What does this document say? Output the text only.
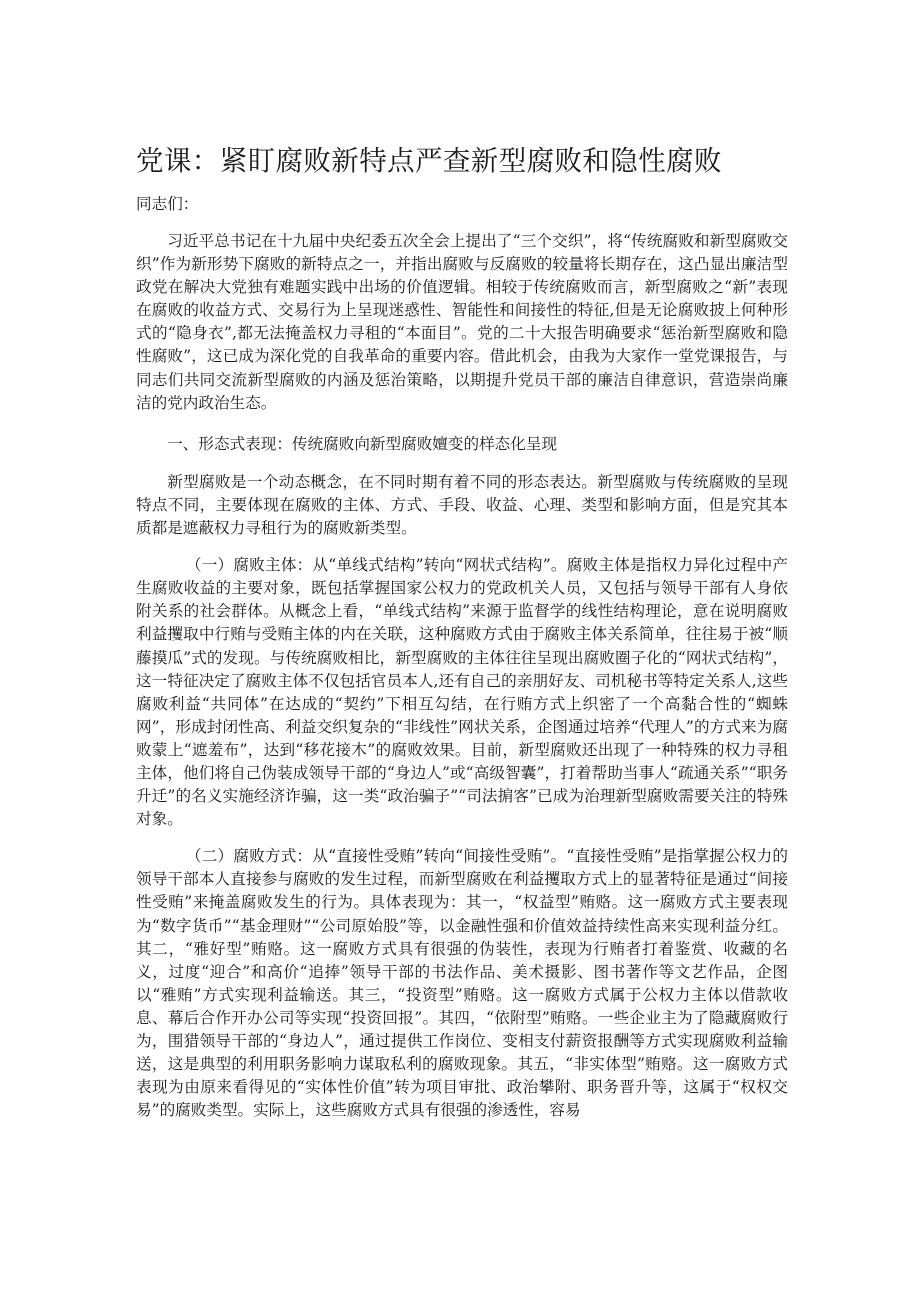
党课：紧盯腐败新特点严查新型腐败和隐性腐败

同志们：

习近平总书记在十九届中央纪委五次全会上提出了“三个交织”，将“传统腐败和新型腐败交织”作为新形势下腐败的新特点之一，并指出腐败与反腐败的较量将长期存在，这凸显出廉洁型政党在解决大党独有难题实践中出场的价值逻辑。相较于传统腐败而言，新型腐败之“新”表现在腐败的收益方式、交易行为上呈现迷惑性、智能性和间接性的特征,但是无论腐败披上何种形式的“隐身衣”,都无法掩盖权力寻租的“本面目”。党的二十大报告明确要求“惩治新型腐败和隐性腐败”，这已成为深化党的自我革命的重要内容。借此机会，由我为大家作一堂党课报告，与同志们共同交流新型腐败的内涵及惩治策略，以期提升党员干部的廉洁自律意识，营造崇尚廉洁的党内政治生态。

一、形态式表现：传统腐败向新型腐败嬗变的样态化呈现

新型腐败是一个动态概念，在不同时期有着不同的形态表达。新型腐败与传统腐败的呈现特点不同，主要体现在腐败的主体、方式、手段、收益、心理、类型和影响方面，但是究其本质都是遮蔽权力寻租行为的腐败新类型。

（一）腐败主体：从“单线式结构”转向“网状式结构”。腐败主体是指权力异化过程中产生腐败收益的主要对象，既包括掌握国家公权力的党政机关人员，又包括与领导干部有人身依附关系的社会群体。从概念上看，“单线式结构”来源于监督学的线性结构理论，意在说明腐败利益攫取中行贿与受贿主体的内在关联，这种腐败方式由于腐败主体关系简单，往往易于被“顺藤摸瓜”式的发现。与传统腐败相比，新型腐败的主体往往呈现出腐败圈子化的“网状式结构”，这一特征决定了腐败主体不仅包括官员本人,还有自己的亲朋好友、司机秘书等特定关系人,这些腐败利益“共同体”在达成的“契约”下相互勾结，在行贿方式上织密了一个高黏合性的“蜘蛛网”，形成封闭性高、利益交织复杂的“非线性”网状关系，企图通过培养“代理人”的方式来为腐败蒙上“遮羞布”，达到“移花接木”的腐败效果。目前，新型腐败还出现了一种特殊的权力寻租主体，他们将自己伪装成领导干部的“身边人”或“高级智囊”，打着帮助当事人“疏通关系”“职务升迁”的名义实施经济诈骗，这一类“政治骗子”“司法掮客”已成为治理新型腐败需要关注的特殊对象。

（二）腐败方式：从“直接性受贿”转向“间接性受贿”。“直接性受贿”是指掌握公权力的领导干部本人直接参与腐败的发生过程，而新型腐败在利益攫取方式上的显著特征是通过“间接性受贿”来掩盖腐败发生的行为。具体表现为：其一，“权益型”贿赂。这一腐败方式主要表现为“数字货币”“基金理财”“公司原始股”等，以金融性强和价值效益持续性高来实现利益分红。其二，“雅好型”贿赂。这一腐败方式具有很强的伪装性，表现为行贿者打着鉴赏、收藏的名义，过度“迎合”和高价“追捧”领导干部的书法作品、美术摄影、图书著作等文艺作品，企图以“雅贿”方式实现利益输送。其三，“投资型”贿赂。这一腐败方式属于公权力主体以借款收息、幕后合作开办公司等实现“投资回报”。其四，“依附型”贿赂。一些企业主为了隐藏腐败行为，围猎领导干部的“身边人”，通过提供工作岗位、变相支付薪资报酬等方式实现腐败利益输送，这是典型的利用职务影响力谋取私利的腐败现象。其五，“非实体型”贿赂。这一腐败方式表现为由原来看得见的“实体性价值”转为项目审批、政治攀附、职务晋升等，这属于“权权交易”的腐败类型。实际上，这些腐败方式具有很强的渗透性，容易
